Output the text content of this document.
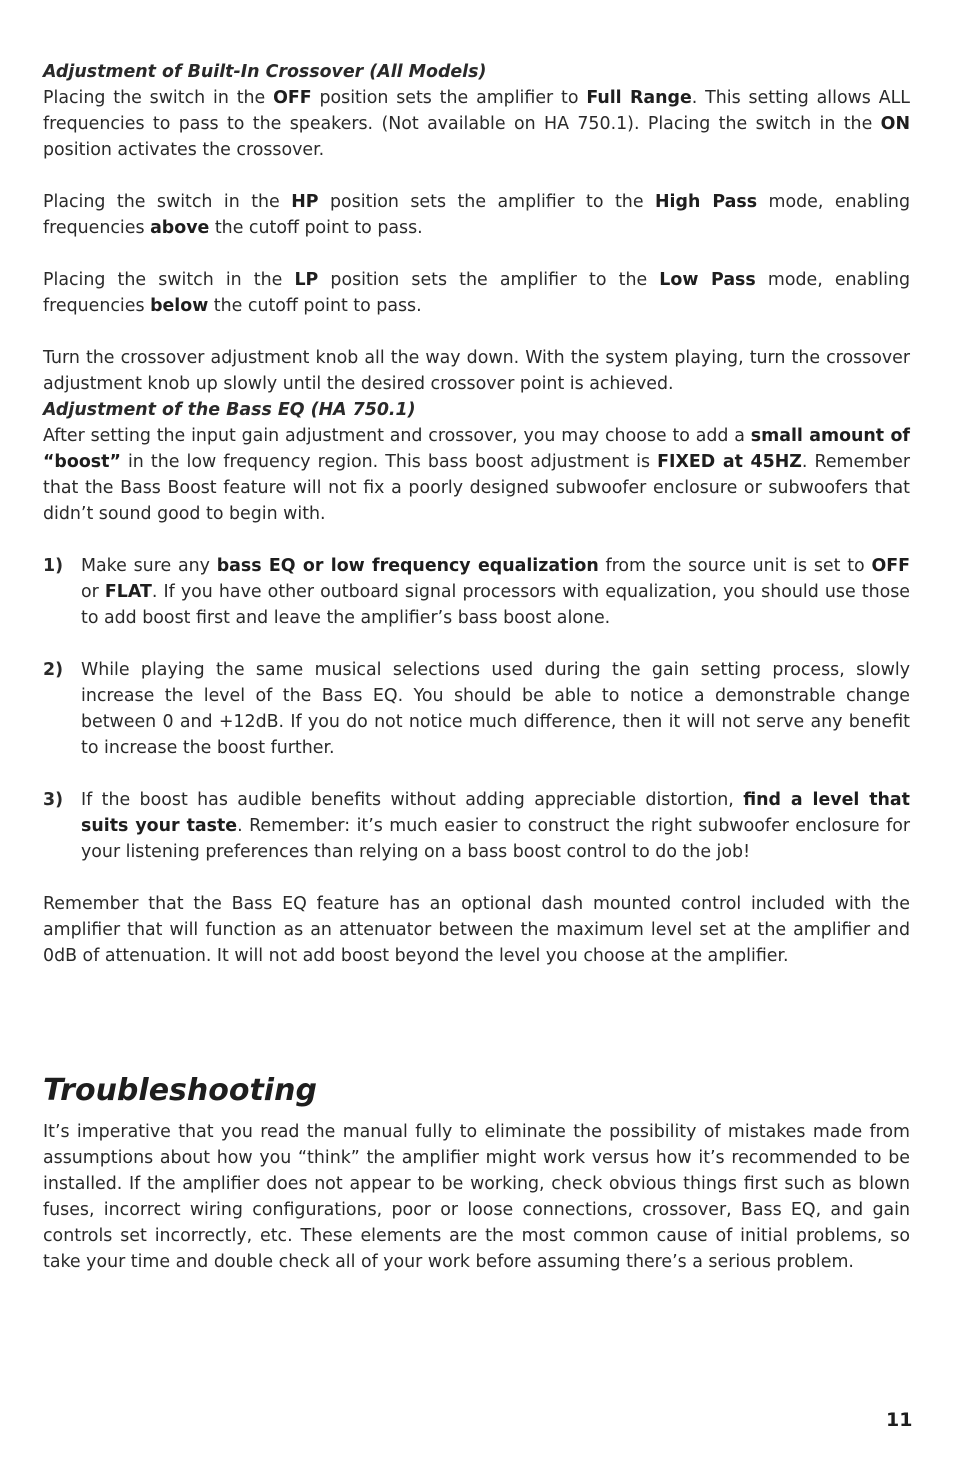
Adjustment of Built-In Crossover (All Models)

Placing the switch in the OFF position sets the amplifier to Full Range. This setting allows ALL frequencies to pass to the speakers. (Not available on HA 750.1). Placing the switch in the ON position activates the crossover.

Placing the switch in the HP position sets the amplifier to the High Pass mode, enabling frequencies above the cutoff point to pass.

Placing the switch in the LP position sets the amplifier to the Low Pass mode, enabling frequencies below the cutoff point to pass.

Turn the crossover adjustment knob all the way down. With the system playing, turn the crossover adjustment knob up slowly until the desired crossover point is achieved.

Adjustment of the Bass EQ (HA 750.1)

After setting the input gain adjustment and crossover, you may choose to add a small amount of “boost” in the low frequency region. This bass boost adjustment is FIXED at 45HZ. Remember that the Bass Boost feature will not fix a poorly designed subwoofer enclosure or subwoofers that didn’t sound good to begin with.

1)	Make sure any bass EQ or low frequency equalization from the source unit is set to OFF or FLAT. If you have other outboard signal processors with equalization, you should use those to add boost first and leave the amplifier’s bass boost alone.
2)	While playing the same musical selections used during the gain setting process, slowly increase the level of the Bass EQ. You should be able to notice a demonstrable change between 0 and +12dB. If you do not notice much difference, then it will not serve any benefit to increase the boost further.
3)	If the boost has audible benefits without adding appreciable distortion, find a level that suits your taste. Remember: it’s much easier to construct the right subwoofer enclosure for your listening preferences than relying on a bass boost control to do the job!

Remember that the Bass EQ feature has an optional dash mounted control included with the amplifier that will function as an attenuator between the maximum level set at the amplifier and 0dB of attenuation. It will not add boost beyond the level you choose at the amplifier.

Troubleshooting

It’s imperative that you read the manual fully to eliminate the possibility of mistakes made from assumptions about how you “think” the amplifier might work versus how it’s recommended to be installed. If the amplifier does not appear to be working, check obvious things first such as blown fuses, incorrect wiring configurations, poor or loose connections, crossover, Bass EQ, and gain controls set incorrectly, etc. These elements are the most common cause of initial problems, so take your time and double check all of your work before assuming there’s a serious problem.

11
